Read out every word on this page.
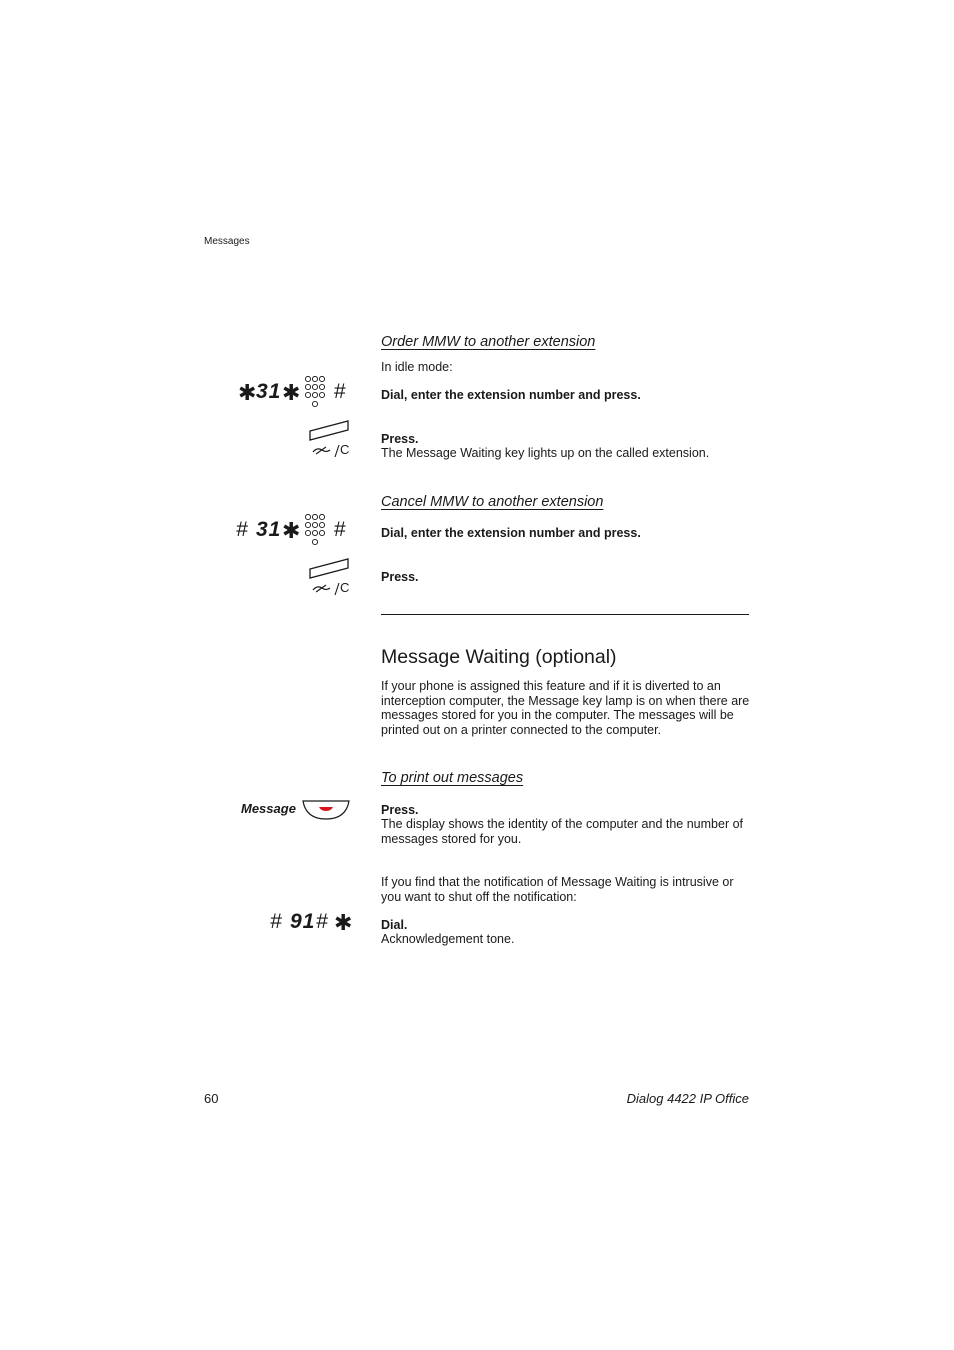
Messages
Order MMW to another extension
In idle mode:
✱ 31 ✱ #	Dial, enter the extension number and press.
C
Press.
The Message Waiting key lights up on the called extension.
Cancel MMW to another extension
# 31 ✱ #	Dial, enter the extension number and press.
C
Press.
Message Waiting (optional)
If your phone is assigned this feature and if it is diverted to an
interception computer, the Message key lamp is on when there are
messages stored for you in the computer. The messages will be
printed out on a printer connected to the computer.
To print out messages
Message	Press.
The display shows the identity of the computer and the number of
messages stored for you.
If you find that the notification of Message Waiting is intrusive or
you want to shut off the notification:
# 91 # ✱ Dial.
Acknowledgement tone.
60	Dialog 4422 IP Office
